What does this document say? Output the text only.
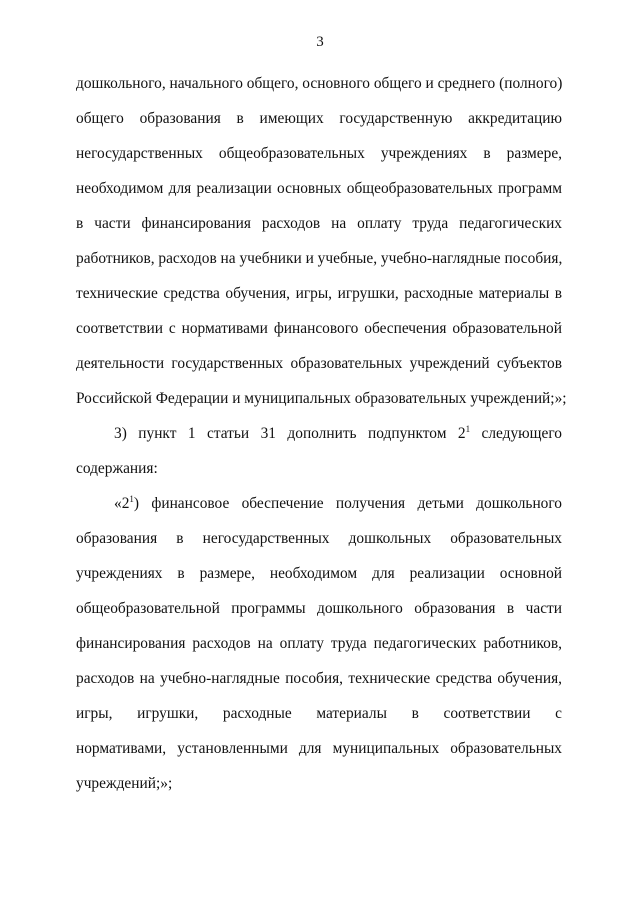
3
дошкольного, начального общего, основного общего и среднего (полного)
общего образования в имеющих государственную аккредитацию
негосударственных общеобразовательных учреждениях в размере,
необходимом для реализации основных общеобразовательных программ
в части финансирования расходов на оплату труда педагогических
работников, расходов на учебники и учебные, учебно-наглядные пособия,
технические средства обучения, игры, игрушки, расходные материалы в
соответствии с нормативами финансового обеспечения образовательной
деятельности государственных образовательных учреждений субъектов
Российской Федерации и муниципальных образовательных учреждений;»;
3) пункт 1 статьи 31 дополнить подпунктом $2^1$ следующего
содержания:
«$2^1$) финансовое обеспечение получения детьми дошкольного
образования в негосударственных дошкольных образовательных
учреждениях в размере, необходимом для реализации основной
общеобразовательной программы дошкольного образования в части
финансирования расходов на оплату труда педагогических работников,
расходов на учебно-наглядные пособия, технические средства обучения,
игры, игрушки, расходные материалы в соответствии с
нормативами, установленными для муниципальных образовательных
учреждений;»;
